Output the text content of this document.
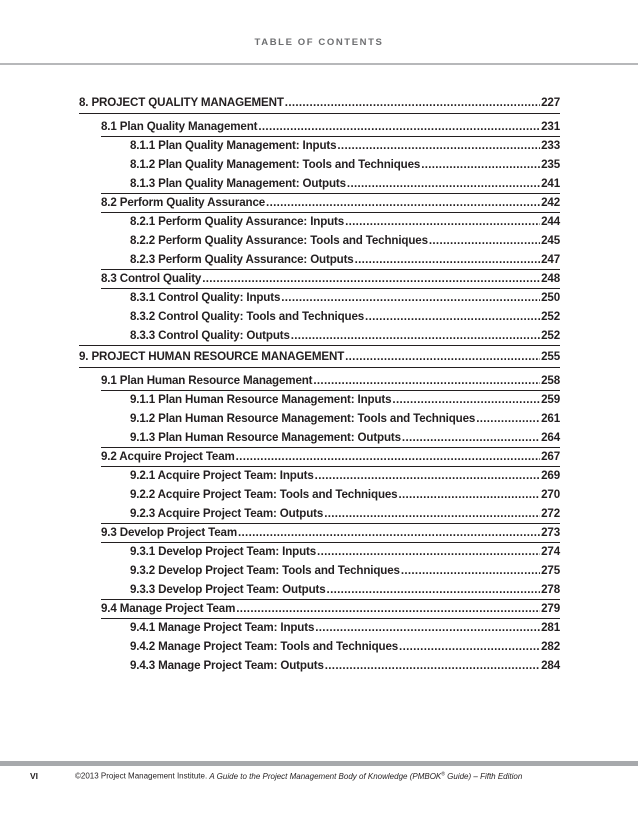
TABLE OF CONTENTS
8. PROJECT QUALITY MANAGEMENT .....	227
8.1 Plan Quality Management .....	231
8.1.1 Plan Quality Management: Inputs .....	233
8.1.2 Plan Quality Management: Tools and Techniques .....	235
8.1.3 Plan Quality Management: Outputs .....	241
8.2 Perform Quality Assurance .....	242
8.2.1 Perform Quality Assurance: Inputs .....	244
8.2.2 Perform Quality Assurance: Tools and Techniques .....	245
8.2.3 Perform Quality Assurance: Outputs .....	247
8.3 Control Quality .....	248
8.3.1 Control Quality: Inputs .....	250
8.3.2 Control Quality: Tools and Techniques .....	252
8.3.3 Control Quality: Outputs .....	252
9. PROJECT HUMAN RESOURCE MANAGEMENT .....	255
9.1 Plan Human Resource Management .....	258
9.1.1 Plan Human Resource Management: Inputs .....	259
9.1.2 Plan Human Resource Management: Tools and Techniques .....	261
9.1.3 Plan Human Resource Management: Outputs .....	264
9.2 Acquire Project Team .....	267
9.2.1 Acquire Project Team: Inputs .....	269
9.2.2 Acquire Project Team: Tools and Techniques .....	270
9.2.3 Acquire Project Team: Outputs .....	272
9.3 Develop Project Team .....	273
9.3.1 Develop Project Team: Inputs .....	274
9.3.2 Develop Project Team: Tools and Techniques .....	275
9.3.3 Develop Project Team: Outputs .....	278
9.4 Manage Project Team .....	279
9.4.1 Manage Project Team: Inputs .....	281
9.4.2 Manage Project Team: Tools and Techniques .....	282
9.4.3 Manage Project Team: Outputs .....	284
VI	©2013 Project Management Institute. A Guide to the Project Management Body of Knowledge (PMBOK® Guide) – Fifth Edition
